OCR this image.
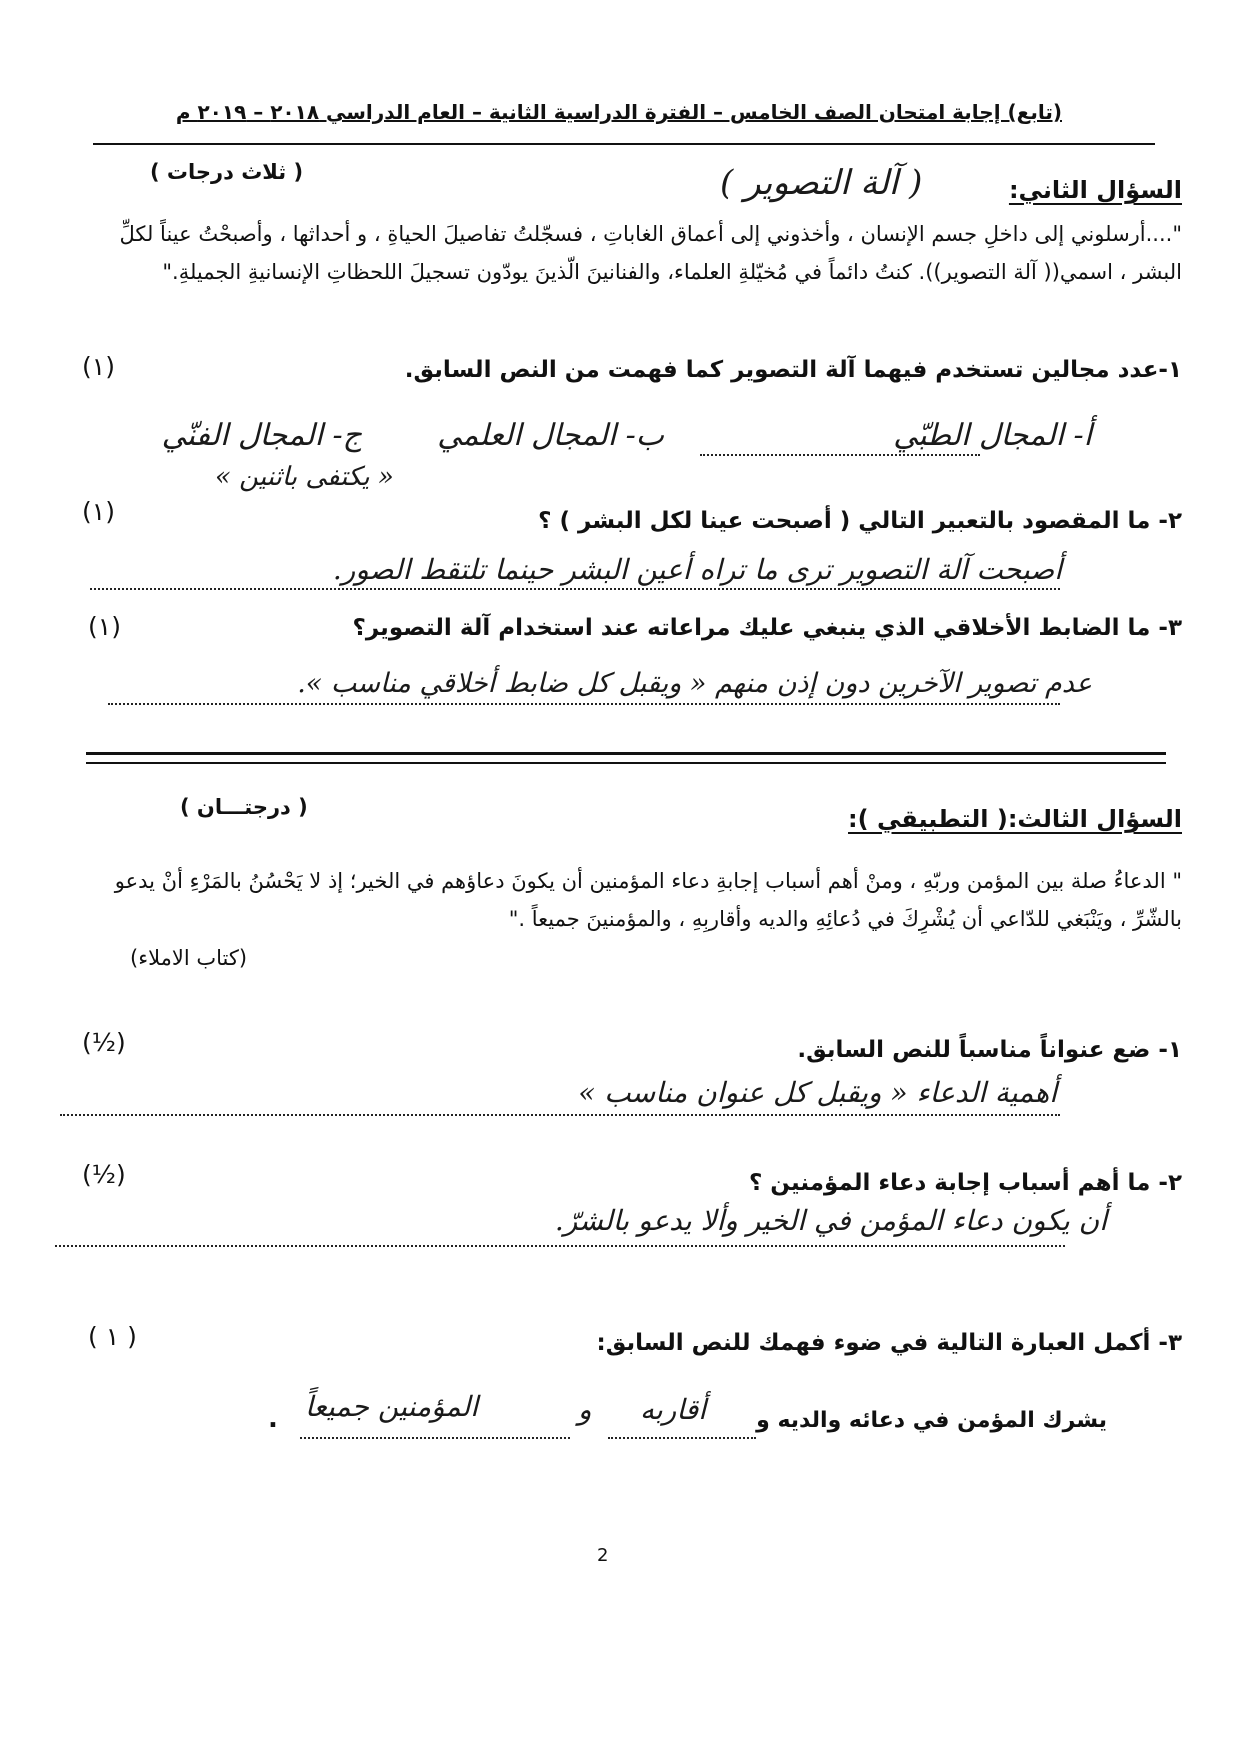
(تابع) إجابة امتحان الصف الخامس – الفترة الدراسية الثانية – العام الدراسي ٢٠١٨ – ٢٠١٩ م
السؤال الثاني:
( آلة التصوير )
( ثلاث درجات )

"....أرسلوني إلى داخلِ جسم الإنسان ، وأخذوني إلى أعماق الغاباتِ ، فسجّلتُ تفاصيلَ الحياةِ ، و أحداثها ، وأصبحْتُ عيناً لكلِّ البشر ، اسمي(( آلة التصوير)). كنتُ دائماً في مُخيّلةِ العلماء، والفنانينَ الّذينَ يودّون تسجيلَ اللحظاتِ الإنسانيةِ الجميلةِ."

١-عدد مجالين تستخدم فيهما آلة التصوير كما فهمت من النص السابق.
(١)
أ- المجال الطبّي
ب- المجال العلمي
ج- المجال الفنّي
« يكتفى باثنين »
٢- ما المقصود بالتعبير التالي ( أصبحت عينا لكل البشر ) ؟
(١)
أصبحت آلة التصوير ترى ما تراه أعين البشر حينما تلتقط الصور.
٣- ما الضابط الأخلاقي الذي ينبغي عليك مراعاته عند استخدام آلة التصوير؟
(١)
عدم تصوير الآخرين دون إذن منهم « ويقبل كل ضابط أخلاقي مناسب ».
السؤال الثالث:( التطبيقي ):
( درجتـــان )

" الدعاءُ صلة بين المؤمن وربّهِ ، ومنْ أهم أسباب إجابةِ دعاء المؤمنين أن يكونَ دعاؤهم في الخير؛ إذ لا يَحْسُنُ بالمَرْءِ أنْ يدعو بالشّرِّ ، ويَنْبَغي للدّاعي أن يُشْرِكَ في دُعائِهِ والديه وأقاربِهِ ، والمؤمنينَ جميعاً ."

(كتاب الاملاء)
١- ضع عنواناً مناسباً للنص السابق.
(½)
أهمية الدعاء « ويقبل كل عنوان مناسب »
٢- ما أهم أسباب إجابة دعاء المؤمنين ؟
(½)
أن يكون دعاء المؤمن في الخير وألا يدعو بالشرّ.
٣- أكمل العبارة التالية في ضوء فهمك للنص السابق:
( ١ )
يشرك المؤمن في دعائه والديه و
أقاربه
و
المؤمنين جميعاً
.
2
